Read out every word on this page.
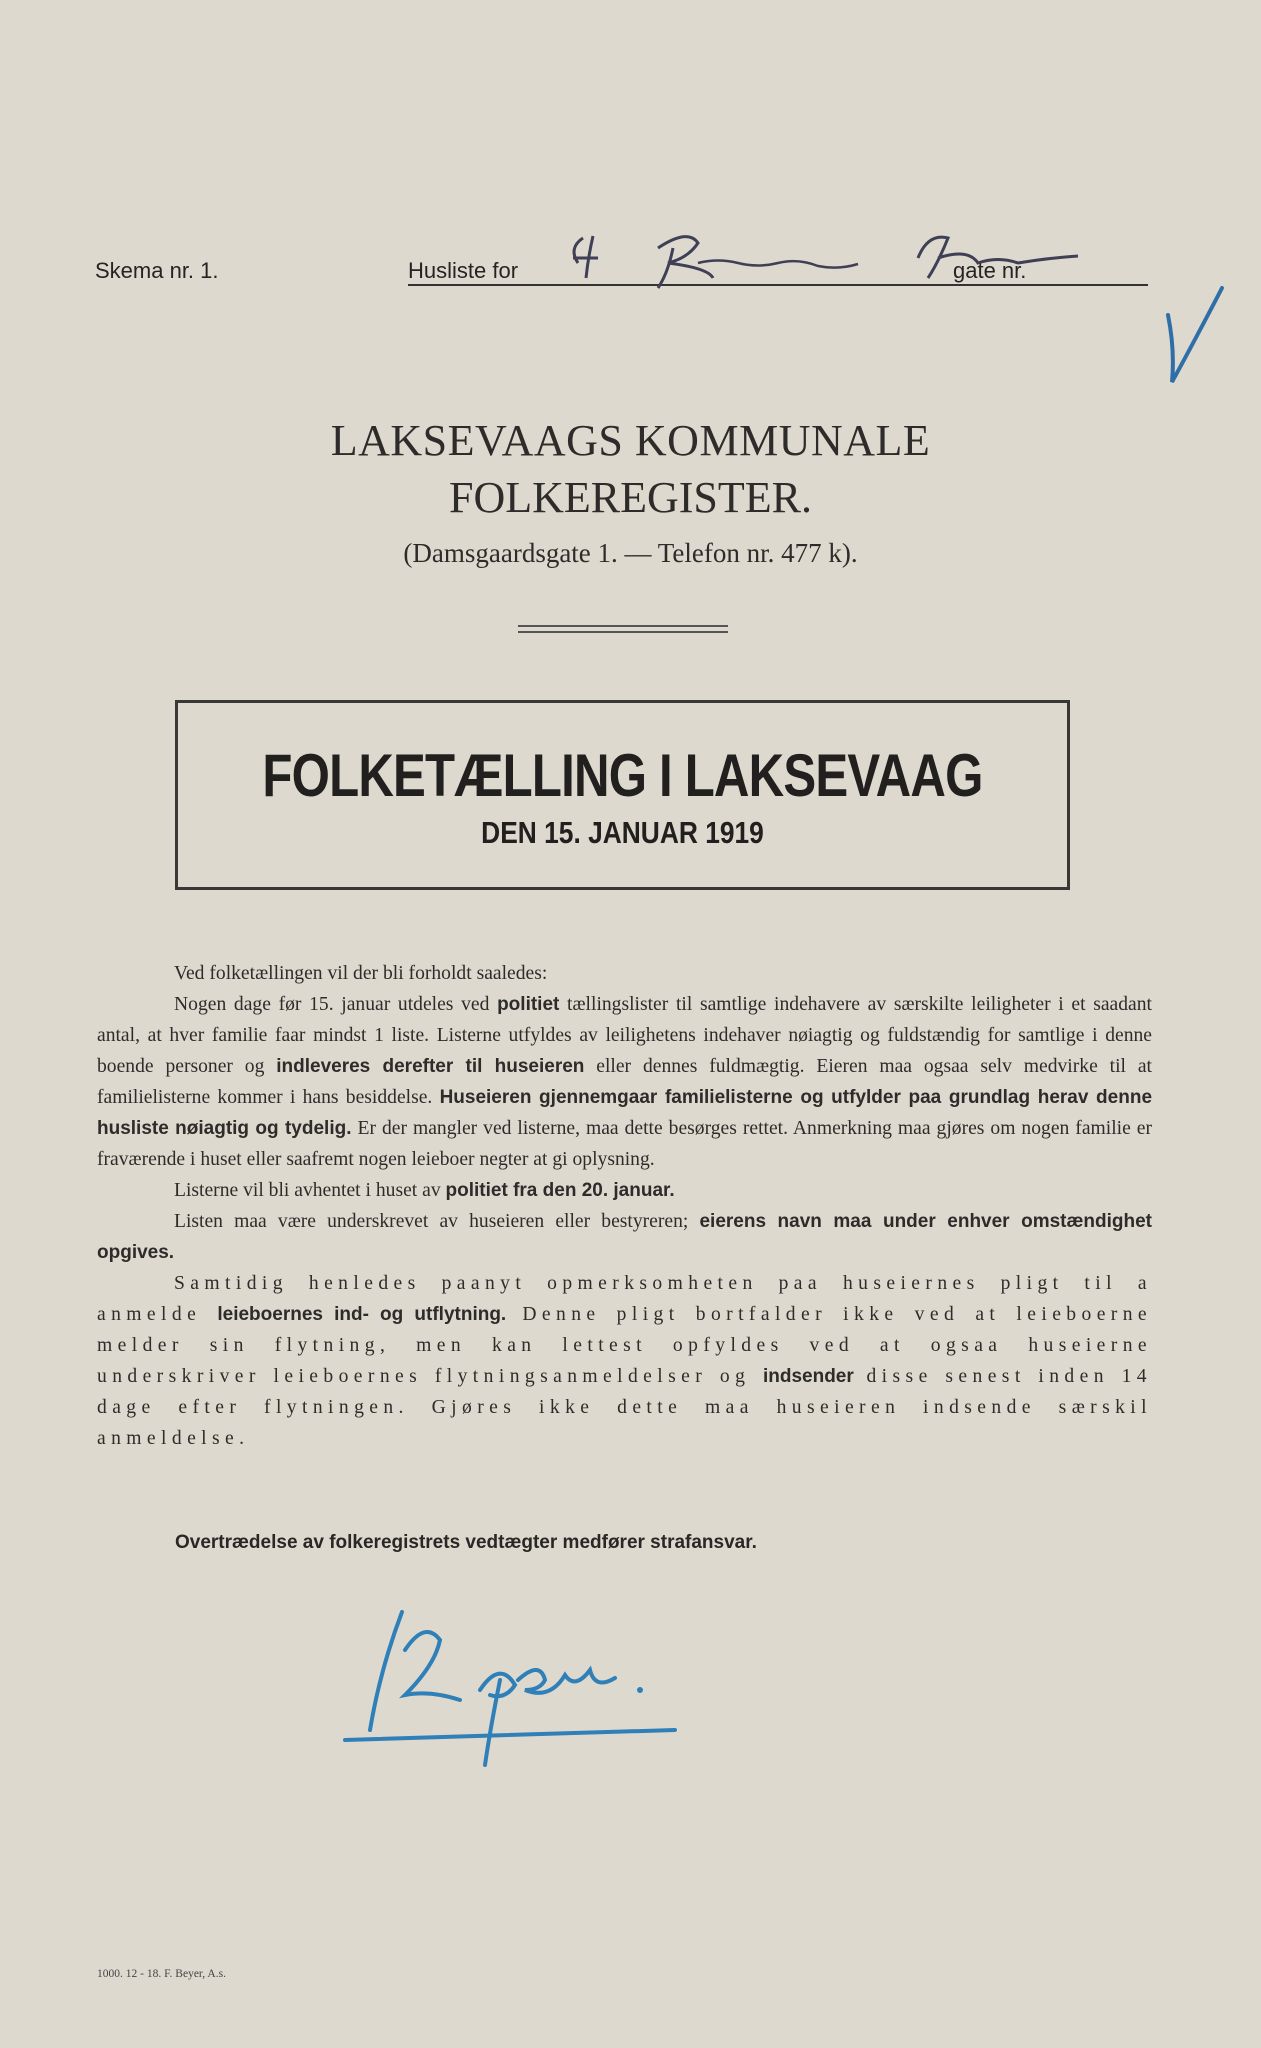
Skema nr. 1.	Husliste for	gate nr.
LAKSEVAAGS KOMMUNALE
FOLKEREGISTER.
(Damsgaardsgate 1. — Telefon nr. 477 k).
FOLKETÆLLING I LAKSEVAAG
DEN 15. JANUAR 1919

Ved folketællingen vil der bli forholdt saaledes:

Nogen dage før 15. januar utdeles ved politiet tællingslister til samtlige indehavere av særskilte leiligheter i et saadant antal, at hver familie faar mindst 1 liste. Listerne utfyldes av leilighetens indehaver nøiagtig og fuldstændig for samtlige i denne boende personer og indleveres derefter til huseieren eller dennes fuldmægtig. Eieren maa ogsaa selv medvirke til at familielisterne kommer i hans besiddelse. Huseieren gjennemgaar familielisterne og utfylder paa grundlag herav denne husliste nøiagtig og tydelig. Er der mangler ved listerne, maa dette besørges rettet. Anmerkning maa gjøres om nogen familie er fraværende i huset eller saafremt nogen leieboer negter at gi oplysning.

Listerne vil bli avhentet i huset av politiet fra den 20. januar.

Listen maa være underskrevet av huseieren eller bestyreren; eierens navn maa under enhver omstændighet opgives.

Samtidig henledes paanyt opmerksomheten paa huseiernes pligt til a anmelde leieboernes ind- og utflytning. Denne pligt bortfalder ikke ved at leieboerne melder sin flytning, men kan lettest opfyldes ved at ogsaa huseierne underskriver leieboernes flytningsanmeldelser og indsender disse senest inden 14 dage efter flytningen. Gjøres ikke dette maa huseieren indsende særskil anmeldelse.

Overtrædelse av folkeregistrets vedtægter medfører strafansvar.
1000. 12 - 18. F. Beyer, A.s.
